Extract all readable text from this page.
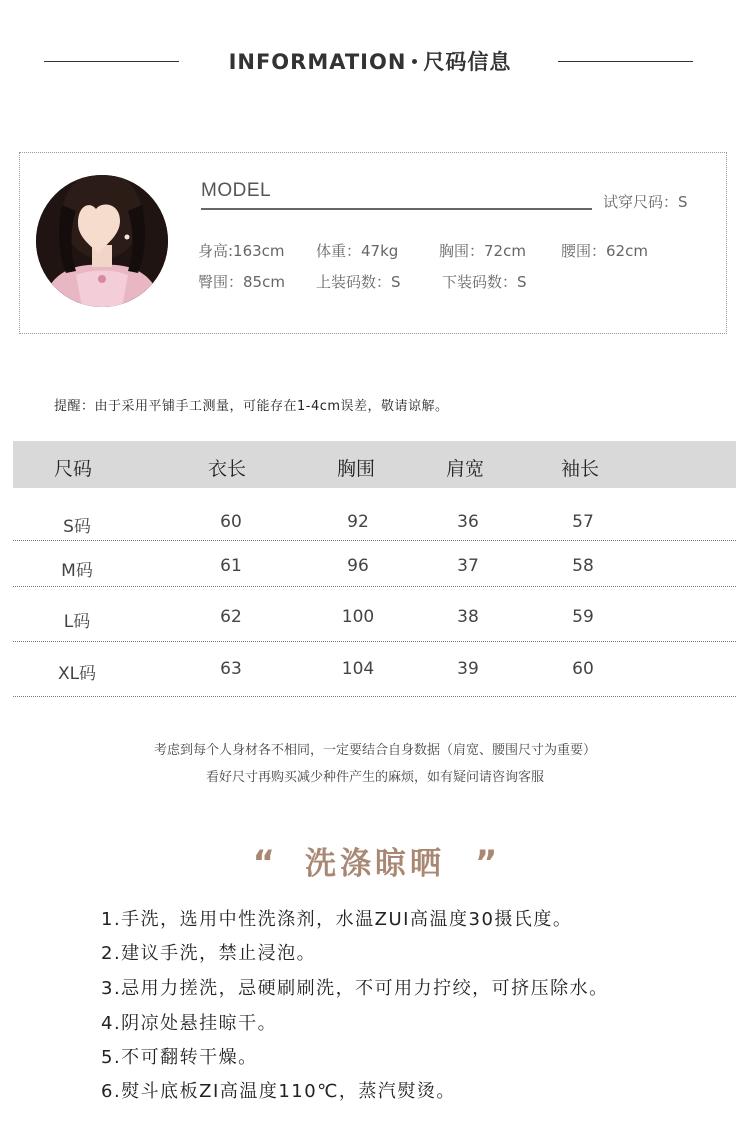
INFORMATION 尺码信息
MODEL
试穿尺码：S
身高:163cm 体重：47kg	胸围：72cm 腰围：62cm
臀围：85cm 上装码数：S	下装码数：S
提醒：由于采用平铺手工测量，可能存在1-4cm误差，敬请谅解。
尺码	衣长	胸围	肩宽	袖长
S码	60	92	36	57
M码	61	96	37	58
L码	62	100	38	59
XL码	63	104	39	60
考虑到每个人身材各不相同，一定要结合自身数据（肩宽、腰围尺寸为重要）
看好尺寸再购买减少种件产生的麻烦，如有疑问请咨询客服
“ 洗涤晾晒 ”
1.手洗，选用中性洗涤剂，水温ZUI高温度30摄氏度。
2.建议手洗，禁止浸泡。
3.忌用力搓洗，忌硬刷刷洗，不可用力拧绞，可挤压除水。
4.阴凉处悬挂晾干。
5.不可翻转干燥。
6.熨斗底板ZI高温度110℃，蒸汽熨烫。
